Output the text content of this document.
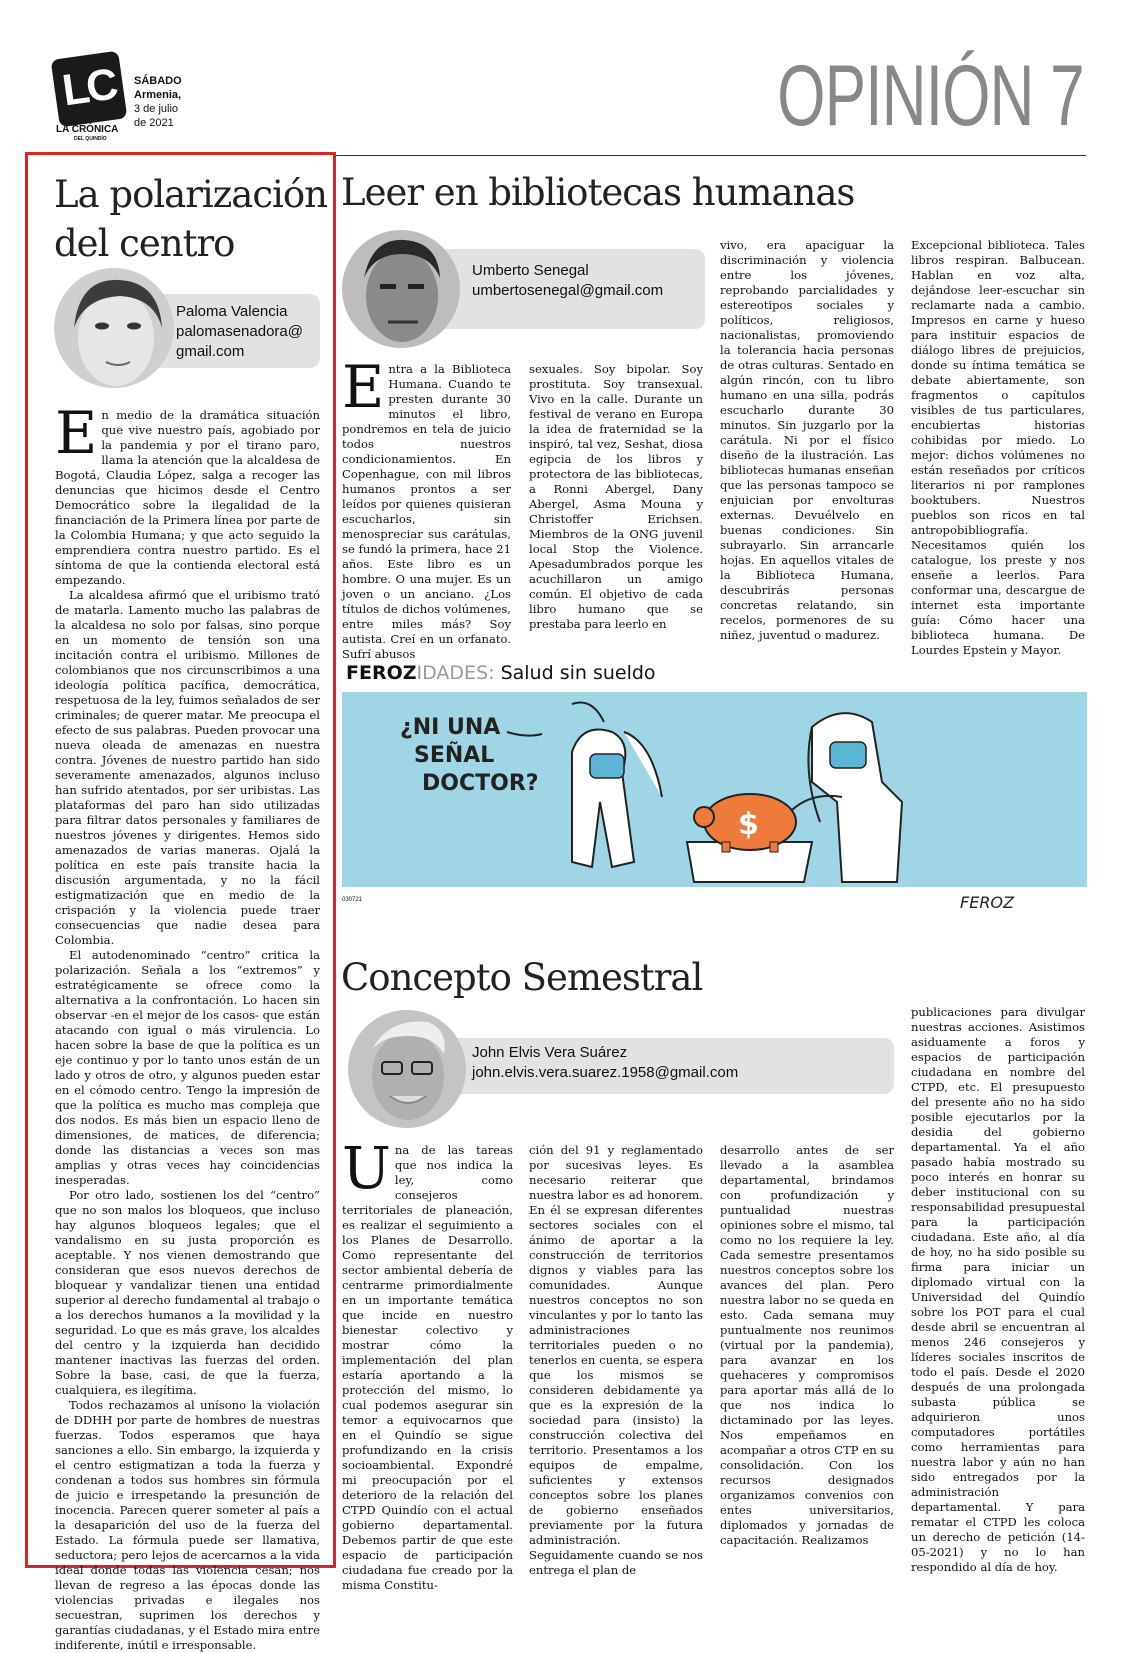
LC
LA CRÓNICA
DEL QUINDÍO
SÁBADO
Armenia,
3 de julio
de 2021	OPINIÓN 7
La polarización
del centro
Paloma Valencia
palomasenadora@
gmail.com

En medio de la dramática situación que vive nuestro país, agobiado por la pandemia y por el tirano paro, llama la atención que la alcaldesa de Bogotá, Claudia López, salga a recoger las denuncias que hicimos desde el Centro Democrático sobre la ilegalidad de la financiación de la Primera línea por parte de la Colombia Humana; y que acto seguido la emprendiera contra nuestro partido. Es el síntoma de que la contienda electoral está empezando.

La alcaldesa afirmó que el uribismo trató de matarla. Lamento mucho las palabras de la alcaldesa no solo por falsas, sino porque en un momento de tensión son una incitación contra el uribismo. Millones de colombianos que nos circunscribimos a una ideología política pacífica, democrática, respetuosa de la ley, fuimos señalados de ser criminales; de querer matar. Me preocupa el efecto de sus palabras. Pueden provocar una nueva oleada de amenazas en nuestra contra. Jóvenes de nuestro partido han sido severamente amenazados, algunos incluso han sufrido atentados, por ser uribistas. Las plataformas del paro han sido utilizadas para filtrar datos personales y familiares de nuestros jóvenes y dirigentes. Hemos sido amenazados de varias maneras. Ojalá la política en este país transite hacia la discusión argumentada, y no la fácil estigmatización que en medio de la crispación y la violencia puede traer consecuencias que nadie desea para Colombia.

El autodenominado “centro” critica la polarización. Señala a los “extremos” y estratégicamente se ofrece como la alternativa a la confrontación. Lo hacen sin observar -en el mejor de los casos- que están atacando con igual o más virulencia. Lo hacen sobre la base de que la política es un eje continuo y por lo tanto unos están de un lado y otros de otro, y algunos pueden estar en el cómodo centro. Tengo la impresión de que la política es mucho mas compleja que dos nodos. Es más bien un espacio lleno de dimensiones, de matices, de diferencia; donde las distancias a veces son mas amplias y otras veces hay coincidencias inesperadas.

Por otro lado, sostienen los del “centro” que no son malos los bloqueos, que incluso hay algunos bloqueos legales; que el vandalismo en su justa proporción es aceptable. Y nos vienen demostrando que consideran que esos nuevos derechos de bloquear y vandalizar tienen una entidad superior al derecho fundamental al trabajo o a los derechos humanos a la movilidad y la seguridad. Lo que es más grave, los alcaldes del centro y la izquierda han decidido mantener inactivas las fuerzas del orden. Sobre la base, casi, de que la fuerza, cualquiera, es ilegítima.

Todos rechazamos al unísono la violación de DDHH por parte de hombres de nuestras fuerzas. Todos esperamos que haya sanciones a ello. Sin embargo, la izquierda y el centro estigmatizan a toda la fuerza y condenan a todos sus hombres sin fórmula de juicio e irrespetando la presunción de inocencia. Parecen querer someter al país a la desaparición del uso de la fuerza del Estado. La fórmula puede ser llamativa, seductora; pero lejos de acercarnos a la vida ideal donde todas las violencia cesan; nos llevan de regreso a las épocas donde las violencias privadas e ilegales nos secuestran, suprimen los derechos y garantías ciudadanas, y el Estado mira entre indiferente, inútil e irresponsable.

Leer en bibliotecas humanas
Umberto Senegal
umbertosenegal@gmail.com

Entra a la Biblioteca Humana. Cuando te presten durante 30 minutos el libro, pondremos en tela de juicio todos nuestros condicionamientos. En Copenhague, con mil libros humanos prontos a ser leídos por quienes quisieran escucharlos, sin menospreciar sus carátulas, se fundó la primera, hace 21 años. Este libro es un hombre. O una mujer. Es un joven o un anciano. ¿Los títulos de dichos volúmenes, entre miles más? Soy autista. Creí en un orfanato. Sufrí abusos

sexuales. Soy bipolar. Soy prostituta. Soy transexual. Vivo en la calle. Durante un festival de verano en Europa la idea de fraternidad se la inspiró, tal vez, Seshat, diosa egipcia de los libros y protectora de las bibliotecas, a Ronni Abergel, Dany Abergel, Asma Mouna y Christoffer Erichsen. Miembros de la ONG juvenil local Stop the Violence. Apesadumbrados porque les acuchillaron un amigo común. El objetivo de cada libro humano que se prestaba para leerlo en

vivo, era apaciguar la discriminación y violencia entre los jóvenes, reprobando parcialidades y estereotipos sociales y políticos, religiosos, nacionalistas, promoviendo la tolerancia hacia personas de otras culturas. Sentado en algún rincón, con tu libro humano en una silla, podrás escucharlo durante 30 minutos. Sin juzgarlo por la carátula. Ni por el físico diseño de la ilustración. Las bibliotecas humanas enseñan que las personas tampoco se enjuician por envolturas externas. Devuélvelo en buenas condiciones. Sin subrayarlo. Sin arrancarle hojas. En aquellos vitales de la Biblioteca Humana, descubrirás personas concretas relatando, sin recelos, pormenores de su niñez, juventud o madurez.

Excepcional biblioteca. Tales libros respiran. Balbucean. Hablan en voz alta, dejándose leer-escuchar sin reclamarte nada a cambio. Impresos en carne y hueso para instituir espacios de diálogo libres de prejuicios, donde su íntima temática se debate abiertamente, son fragmentos o capítulos visibles de tus particulares, encubiertas historias cohibidas por miedo. Lo mejor: dichos volúmenes no están reseñados por críticos literarios ni por ramplones booktubers. Nuestros pueblos son ricos en tal antropobibliografía. Necesitamos quién los catalogue, los preste y nos enseñe a leerlos. Para conformar una, descargue de internet esta importante guía: Cómo hacer una biblioteca humana. De Lourdes Epstein y Mayor.

FEROZIDADES: Salud sin sueldo
$
¿NI UNA
SEÑAL
DOCTOR?
FEROZ
030721
Concepto Semestral
John Elvis Vera Suárez
john.elvis.vera.suarez.1958@gmail.com

Una de las tareas que nos indica la ley, como consejeros territoriales de planeación, es realizar el seguimiento a los Planes de Desarrollo. Como representante del sector ambiental debería de centrarme primordialmente en un importante temática que incide en nuestro bienestar colectivo y mostrar cómo la implementación del plan estaría aportando a la protección del mismo, lo cual podemos asegurar sin temor a equivocarnos que en el Quindío se sigue profundizando en la crisis socioambiental. Expondré mi preocupación por el deterioro de la relación del CTPD Quindío con el actual gobierno departamental. Debemos partir de que este espacio de participación ciudadana fue creado por la misma Constitu-

ción del 91 y reglamentado por sucesivas leyes. Es necesario reiterar que nuestra labor es ad honorem. En él se expresan diferentes sectores sociales con el ánimo de aportar a la construcción de territorios dignos y viables para las comunidades. Aunque nuestros conceptos no son vinculantes y por lo tanto las administraciones territoriales pueden o no tenerlos en cuenta, se espera que los mismos se consideren debidamente ya que es la expresión de la sociedad para (insisto) la construcción colectiva del territorio. Presentamos a los equipos de empalme, suficientes y extensos conceptos sobre los planes de gobierno enseñados previamente por la futura administración. Seguidamente cuando se nos entrega el plan de

desarrollo antes de ser llevado a la asamblea departamental, brindamos con profundización y puntualidad nuestras opiniones sobre el mismo, tal como no los requiere la ley. Cada semestre presentamos nuestros conceptos sobre los avances del plan. Pero nuestra labor no se queda en esto. Cada semana muy puntualmente nos reunimos (virtual por la pandemia), para avanzar en los quehaceres y compromisos para aportar más allá de lo que nos indica lo dictaminado por las leyes. Nos empeñamos en acompañar a otros CTP en su consolidación. Con los recursos designados organizamos convenios con entes universitarios, diplomados y jornadas de capacitación. Realizamos

publicaciones para divulgar nuestras acciones. Asistimos asiduamente a foros y espacios de participación ciudadana en nombre del CTPD, etc. El presupuesto del presente año no ha sido posible ejecutarlos por la desidia del gobierno departamental. Ya el año pasado había mostrado su poco interés en honrar su deber institucional con su responsabilidad presupuestal para la participación ciudadana. Este año, al día de hoy, no ha sido posible su firma para iniciar un diplomado virtual con la Universidad del Quindío sobre los POT para el cual desde abril se encuentran al menos 246 consejeros y líderes sociales inscritos de todo el país. Desde el 2020 después de una prolongada subasta pública se adquirieron unos computadores portátiles como herramientas para nuestra labor y aún no han sido entregados por la administración departamental. Y para rematar el CTPD les coloca un derecho de petición (14-05-2021) y no lo han respondido al día de hoy.
